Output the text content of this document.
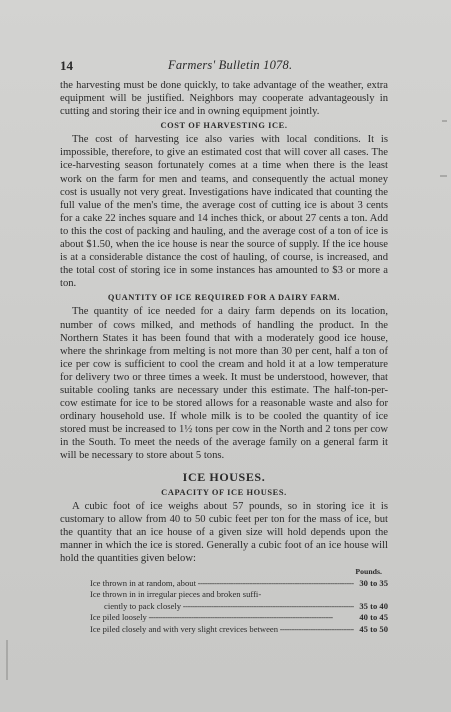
14	Farmers' Bulletin 1078.

the harvesting must be done quickly, to take advantage of the weather, extra equipment will be justified. Neighbors may cooperate advantageously in cutting and storing their ice and in owning equipment jointly.

COST OF HARVESTING ICE.

The cost of harvesting ice also varies with local conditions. It is impossible, therefore, to give an estimated cost that will cover all cases. The ice-harvesting season fortunately comes at a time when there is the least work on the farm for men and teams, and consequently the actual money cost is usually not very great. Investigations have indicated that counting the full value of the men's time, the average cost of cutting ice is about 3 cents for a cake 22 inches square and 14 inches thick, or about 27 cents a ton. Add to this the cost of packing and hauling, and the average cost of a ton of ice is about $1.50, when the ice house is near the source of supply. If the ice house is at a considerable distance the cost of hauling, of course, is increased, and the total cost of storing ice in some instances has amounted to $3 or more a ton.

QUANTITY OF ICE REQUIRED FOR A DAIRY FARM.

The quantity of ice needed for a dairy farm depends on its location, number of cows milked, and methods of handling the product. In the Northern States it has been found that with a moderately good ice house, where the shrinkage from melting is not more than 30 per cent, half a ton of ice per cow is sufficient to cool the cream and hold it at a low temperature for delivery two or three times a week. It must be understood, however, that suitable cooling tanks are necessary under this estimate. The half-ton-per-cow estimate for ice to be stored allows for a reasonable waste and also for ordinary household use. If whole milk is to be cooled the quantity of ice stored must be increased to 1½ tons per cow in the North and 2 tons per cow in the South. To meet the needs of the average family on a general farm it will be necessary to store about 5 tons.

ICE HOUSES.
CAPACITY OF ICE HOUSES.

A cubic foot of ice weighs about 57 pounds, so in storing ice it is customary to allow from 40 to 50 cubic feet per ton for the mass of ice, but the quantity that an ice house of a given size will hold depends upon the manner in which the ice is stored. Generally a cubic foot of an ice house will hold the quantities given below:

Pounds.
Ice thrown in at random, about -----	30 to 35
Ice thrown in in irregular pieces and broken suffi-
ciently to pack closely -----	35 to 40
Ice piled loosely -----	40 to 45
Ice piled closely and with very slight crevices between -----	45 to 50
